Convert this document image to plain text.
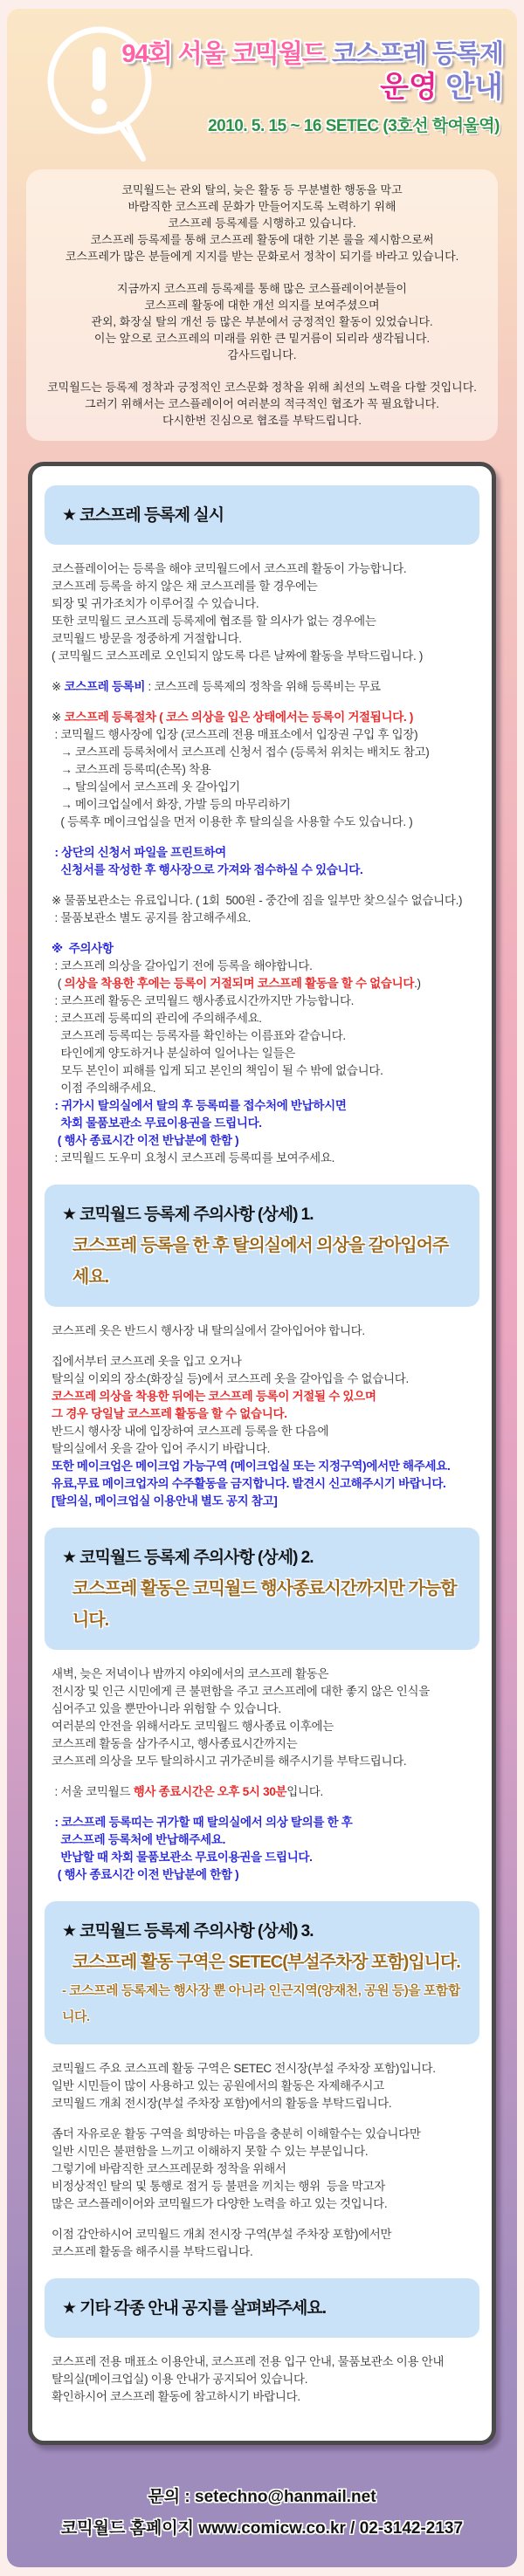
94회 서울 코믹월드 코스프레 등록제
운영 안내
2010. 5. 15 ~ 16 SETEC (3호선 학여울역)

코믹월드는 관외 탈의, 늦은 활동 등 무분별한 행동을 막고
바람직한 코스프레 문화가 만들어지도록 노력하기 위해
코스프레 등록제를 시행하고 있습니다.
코스프레 등록제를 통해 코스프레 활동에 대한 기본 룰을 제시함으로써
코스프레가 많은 분들에게 지지를 받는 문화로서 정착이 되기를 바라고 있습니다.

지금까지 코스프레 등록제를 통해 많은 코스플레이어분들이
코스프레 활동에 대한 개선 의지를 보여주셨으며
관외, 화장실 탈의 개선 등 많은 부분에서 긍정적인 활동이 있었습니다.
이는 앞으로 코스프레의 미래를 위한 큰 밑거름이 되리라 생각됩니다.
감사드립니다.

코믹월드는 등록제 정착과 긍정적인 코스문화 정착을 위해 최선의 노력을 다할 것입니다.
그러기 위해서는 코스플레이어 여러분의 적극적인 협조가 꼭 필요합니다.
다시한번 진심으로 협조를 부탁드립니다.

★ 코스프레 등록제 실시
코스플레이어는 등록을 해야 코믹월드에서 코스프레 활동이 가능합니다.
코스프레 등록을 하지 않은 채 코스프레를 할 경우에는
퇴장 및 귀가조치가 이루어질 수 있습니다.
또한 코믹월드 코스프레 등록제에 협조를 할 의사가 없는 경우에는
코믹월드 방문을 정중하게 거절합니다.
( 코믹월드 코스프레로 오인되지 않도록 다른 날짜에 활동을 부탁드립니다. )
※ 코스프레 등록비 : 코스프레 등록제의 정착을 위해 등록비는 무료
※ 코스프레 등록절차 ( 코스 의상을 입은 상태에서는 등록이 거절됩니다. )
: 코믹월드 행사장에 입장 (코스프레 전용 매표소에서 입장권 구입 후 입장)
→ 코스프레 등록처에서 코스프레 신청서 접수 (등록처 위치는 배치도 참고)
→ 코스프레 등록띠(손목) 착용
→ 탈의실에서 코스프레 옷 갈아입기
→ 메이크업실에서 화장, 가발 등의 마무리하기
( 등록후 메이크업실을 먼저 이용한 후 탈의실을 사용할 수도 있습니다. )
: 상단의 신청서 파일을 프린트하여
신청서를 작성한 후 행사장으로 가져와 접수하실 수 있습니다.
※ 물품보관소는 유료입니다. ( 1회  500원 - 중간에 짐을 일부만 찾으실수 없습니다.)
: 물품보관소 별도 공지를 참고해주세요.
※  주의사항
: 코스프레 의상을 갈아입기 전에 등록을 해야합니다.
( 의상을 착용한 후에는 등록이 거절되며 코스프레 활동을 할 수 없습니다.)
: 코스프레 활동은 코믹월드 행사종료시간까지만 가능합니다.
: 코스프레 등록띠의 관리에 주의해주세요.
코스프레 등록띠는 등록자를 확인하는 이름표와 같습니다.
타인에게 양도하거나 분실하여 일어나는 일들은
모두 본인이 피해를 입게 되고 본인의 책임이 될 수 밖에 없습니다.
이점 주의해주세요.
: 귀가시 탈의실에서 탈의 후 등록띠를 접수처에 반납하시면
차회 물품보관소 무료이용권을 드립니다.
( 행사 종료시간 이전 반납분에 한함 )
: 코믹월드 도우미 요청시 코스프레 등록띠를 보여주세요.
★ 코믹월드 등록제 주의사항 (상세) 1.
코스프레 등록을 한 후 탈의실에서 의상을 갈아입어주세요.
코스프레 옷은 반드시 행사장 내 탈의실에서 갈아입어야 합니다.
집에서부터 코스프레 옷을 입고 오거나
탈의실 이외의 장소(화장실 등)에서 코스프레 옷을 갈아입을 수 없습니다.
코스프레 의상을 착용한 뒤에는 코스프레 등록이 거절될 수 있으며
그 경우 당일날 코스프레 활동을 할 수 없습니다.
반드시 행사장 내에 입장하여 코스프레 등록을 한 다음에
탈의실에서 옷을 갈아 입어 주시기 바랍니다.
또한 메이크업은 메이크업 가능구역 (메이크업실 또는 지정구역)에서만 해주세요.
유료,무료 메이크업자의 수주활동을 금지합니다. 발견시 신고해주시기 바랍니다.
[탈의실, 메이크업실 이용안내 별도 공지 참고]
★ 코믹월드 등록제 주의사항 (상세) 2.
코스프레 활동은 코믹월드 행사종료시간까지만 가능합니다.
새벽, 늦은 저녁이나 밤까지 야외에서의 코스프레 활동은
전시장 및 인근 시민에게 큰 불편함을 주고 코스프레에 대한 좋지 않은 인식을
심어주고 있을 뿐만아니라 위험할 수 있습니다.
여러분의 안전을 위해서라도 코믹월드 행사종료 이후에는
코스프레 활동을 삼가주시고, 행사종료시간까지는
코스프레 의상을 모두 탈의하시고 귀가준비를 해주시기를 부탁드립니다.
: 서울 코믹월드 행사 종료시간은 오후 5시 30분입니다.
: 코스프레 등록띠는 귀가할 때 탈의실에서 의상 탈의를 한 후
코스프레 등록처에 반납해주세요.
반납할 때 차회 물품보관소 무료이용권을 드립니다.
( 행사 종료시간 이전 반납분에 한함 )
★ 코믹월드 등록제 주의사항 (상세) 3.
코스프레 활동 구역은 SETEC(부설주차장 포함)입니다.
- 코스프레 등록제는 행사장 뿐 아니라 인근지역(양재천, 공원 등)을 포함합니다.
코믹월드 주요 코스프레 활동 구역은 SETEC 전시장(부설 주차장 포함)입니다.
일반 시민들이 많이 사용하고 있는 공원에서의 활동은 자제해주시고
코믹월드 개최 전시장(부설 주차장 포함)에서의 활동을 부탁드립니다.
좀더 자유로운 활동 구역을 희망하는 마음을 충분히 이해할수는 있습니다만
일반 시민은 불편함을 느끼고 이해하지 못할 수 있는 부분입니다.
그렇기에 바람직한 코스프레문화 정착을 위해서
비정상적인 탈의 및 통행로 점거 등 불편을 끼치는 행위  등을 막고자
많은 코스플레이어와 코믹월드가 다양한 노력을 하고 있는 것입니다.
이점 감안하시어 코믹월드 개최 전시장 구역(부설 주차장 포함)에서만
코스프레 활동을 해주시를 부탁드립니다.
★ 기타 각종 안내 공지를 살펴봐주세요.
코스프레 전용 매표소 이용안내, 코스프레 전용 입구 안내, 물품보관소 이용 안내
탈의실(메이크업실) 이용 안내가 공지되어 있습니다.
확인하시어 코스프레 활동에 참고하시기 바랍니다.
문의 : setechno@hanmail.net
코믹월드 홈페이지 www.comicw.co.kr / 02-3142-2137
